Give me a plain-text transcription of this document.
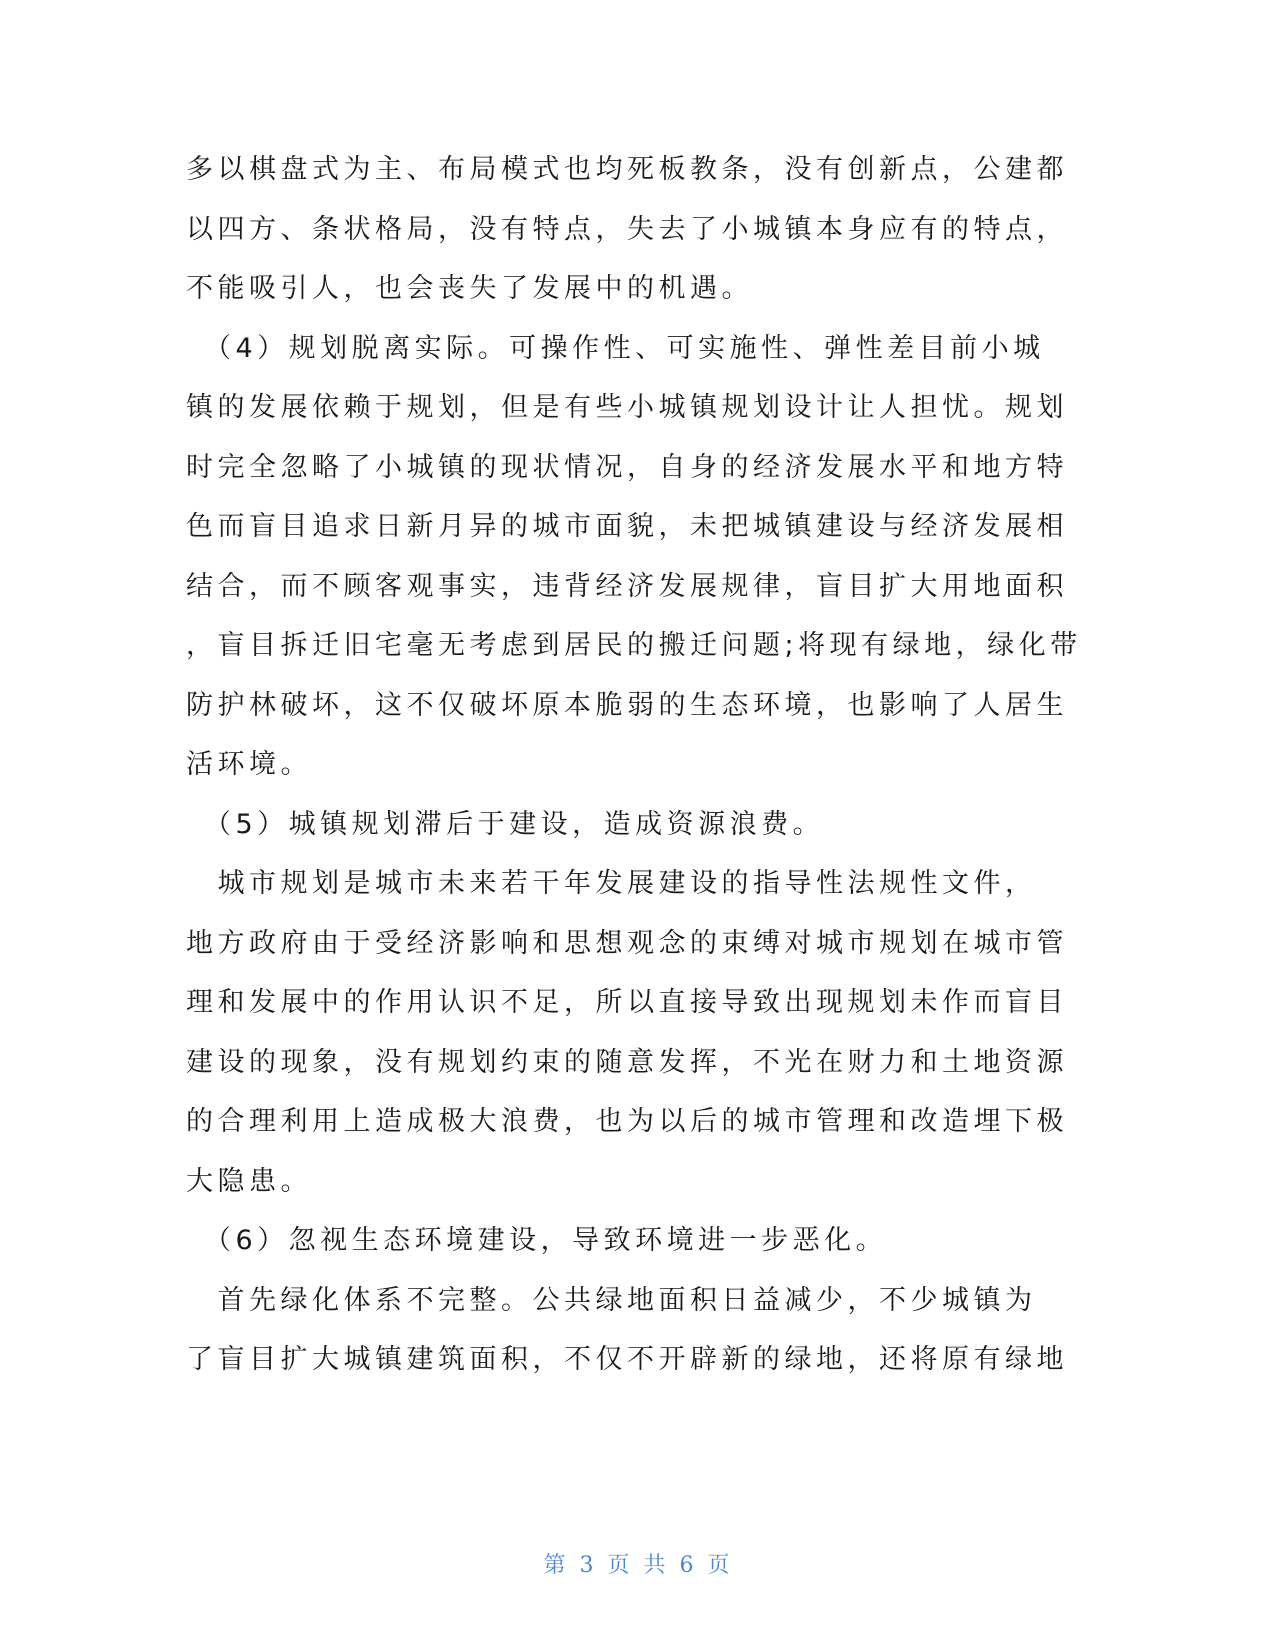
多以棋盘式为主、布局模式也均死板教条，没有创新点，公建都
以四方、条状格局，没有特点，失去了小城镇本身应有的特点，
不能吸引人，也会丧失了发展中的机遇。
　（4）规划脱离实际。可操作性、可实施性、弹性差目前小城
镇的发展依赖于规划，但是有些小城镇规划设计让人担忧。规划
时完全忽略了小城镇的现状情况，自身的经济发展水平和地方特
色而盲目追求日新月异的城市面貌，未把城镇建设与经济发展相
结合，而不顾客观事实，违背经济发展规律，盲目扩大用地面积
，盲目拆迁旧宅毫无考虑到居民的搬迁问题;将现有绿地，绿化带
防护林破坏，这不仅破坏原本脆弱的生态环境，也影响了人居生
活环境。
　（5）城镇规划滞后于建设，造成资源浪费。
　城市规划是城市未来若干年发展建设的指导性法规性文件，
地方政府由于受经济影响和思想观念的束缚对城市规划在城市管
理和发展中的作用认识不足，所以直接导致出现规划未作而盲目
建设的现象，没有规划约束的随意发挥，不光在财力和土地资源
的合理利用上造成极大浪费，也为以后的城市管理和改造埋下极
大隐患。
　（6）忽视生态环境建设，导致环境进一步恶化。
　首先绿化体系不完整。公共绿地面积日益减少，不少城镇为
了盲目扩大城镇建筑面积，不仅不开辟新的绿地，还将原有绿地
第 3 页 共 6 页
